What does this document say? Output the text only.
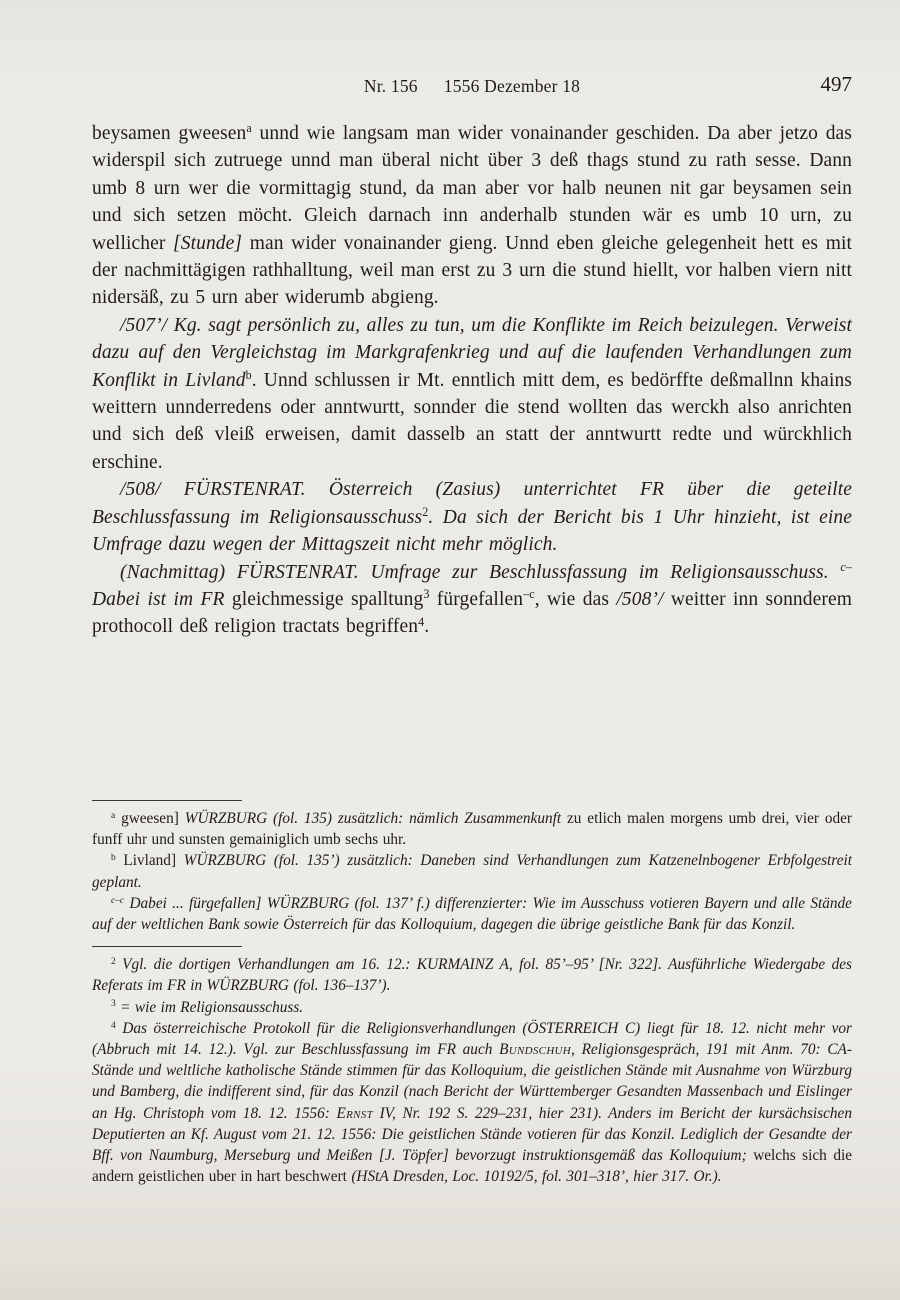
Nr. 156 1556 Dezember 18	497

beysamen gweesen$^a$ unnd wie langsam man wider vonainander geschiden. Da aber jetzo das widerspil sich zutruege unnd man überal nicht über 3 deß thags stund zu rath sesse. Dann umb 8 urn wer die vormittagig stund, da man aber vor halb neunen nit gar beysamen sein und sich setzen möcht. Gleich darnach inn anderhalb stunden wär es umb 10 urn, zu wellicher [Stunde] man wider vonainander gieng. Unnd eben gleiche gelegenheit hett es mit der nachmittägigen rathhalltung, weil man erst zu 3 urn die stund hiellt, vor halben viern nitt nidersäß, zu 5 urn aber widerumb abgieng.

/507’/ Kg. sagt persönlich zu, alles zu tun, um die Konflikte im Reich beizulegen. Verweist dazu auf den Vergleichstag im Markgrafenkrieg und auf die laufenden Verhandlungen zum Konflikt in Livland$^b$. Unnd schlussen ir Mt. enntlich mitt dem, es bedörffte deßmallnn khains weittern unnderredens oder anntwurtt, sonnder die stend wollten das werckh also anrichten und sich deß vleiß erweisen, damit dasselb an statt der anntwurtt redte und würckhlich erschine.

/508/ FÜRSTENRAT. Österreich (Zasius) unterrichtet FR über die geteilte Beschlussfassung im Religionsausschuss$^2$. Da sich der Bericht bis 1 Uhr hinzieht, ist eine Umfrage dazu wegen der Mittagszeit nicht mehr möglich.

(Nachmittag) FÜRSTENRAT. Umfrage zur Beschlussfassung im Religionsausschuss. $^{c-}$Dabei ist im FR gleichmessige spalltung$^3$ fürgefallen$^{-c}$, wie das /508’/ weitter inn sonnderem prothocoll deß religion tractats begriffen$^4$.

$^a$ gweesen] WÜRZBURG (fol. 135) zusätzlich: nämlich Zusammenkunft zu etlich malen morgens umb drei, vier oder funff uhr und sunsten gemainiglich umb sechs uhr.

$^b$ Livland] WÜRZBURG (fol. 135’) zusätzlich: Daneben sind Verhandlungen zum Katzenelnbogener Erbfolgestreit geplant.

$^{c-c}$ Dabei ... fürgefallen] WÜRZBURG (fol. 137’ f.) differenzierter: Wie im Ausschuss votieren Bayern und alle Stände auf der weltlichen Bank sowie Österreich für das Kolloquium, dagegen die übrige geistliche Bank für das Konzil.

$^2$ Vgl. die dortigen Verhandlungen am 16. 12.: KURMAINZ A, fol. 85’–95’ [Nr. 322]. Ausführliche Wiedergabe des Referats im FR in WÜRZBURG (fol. 136–137’).

$^3$ = wie im Religionsausschuss.

$^4$ Das österreichische Protokoll für die Religionsverhandlungen (ÖSTERREICH C) liegt für 18. 12. nicht mehr vor (Abbruch mit 14. 12.). Vgl. zur Beschlussfassung im FR auch Bundschuh, Religionsgespräch, 191 mit Anm. 70: CA-Stände und weltliche katholische Stände stimmen für das Kolloquium, die geistlichen Stände mit Ausnahme von Würzburg und Bamberg, die indifferent sind, für das Konzil (nach Bericht der Württemberger Gesandten Massenbach und Eislinger an Hg. Christoph vom 18. 12. 1556: Ernst IV, Nr. 192 S. 229–231, hier 231). Anders im Bericht der kursächsischen Deputierten an Kf. August vom 21. 12. 1556: Die geistlichen Stände votieren für das Konzil. Lediglich der Gesandte der Bff. von Naumburg, Merseburg und Meißen [J. Töpfer] bevorzugt instruktionsgemäß das Kolloquium; welchs sich die andern geistlichen uber in hart beschwert (HStA Dresden, Loc. 10192/5, fol. 301–318’, hier 317. Or.).
